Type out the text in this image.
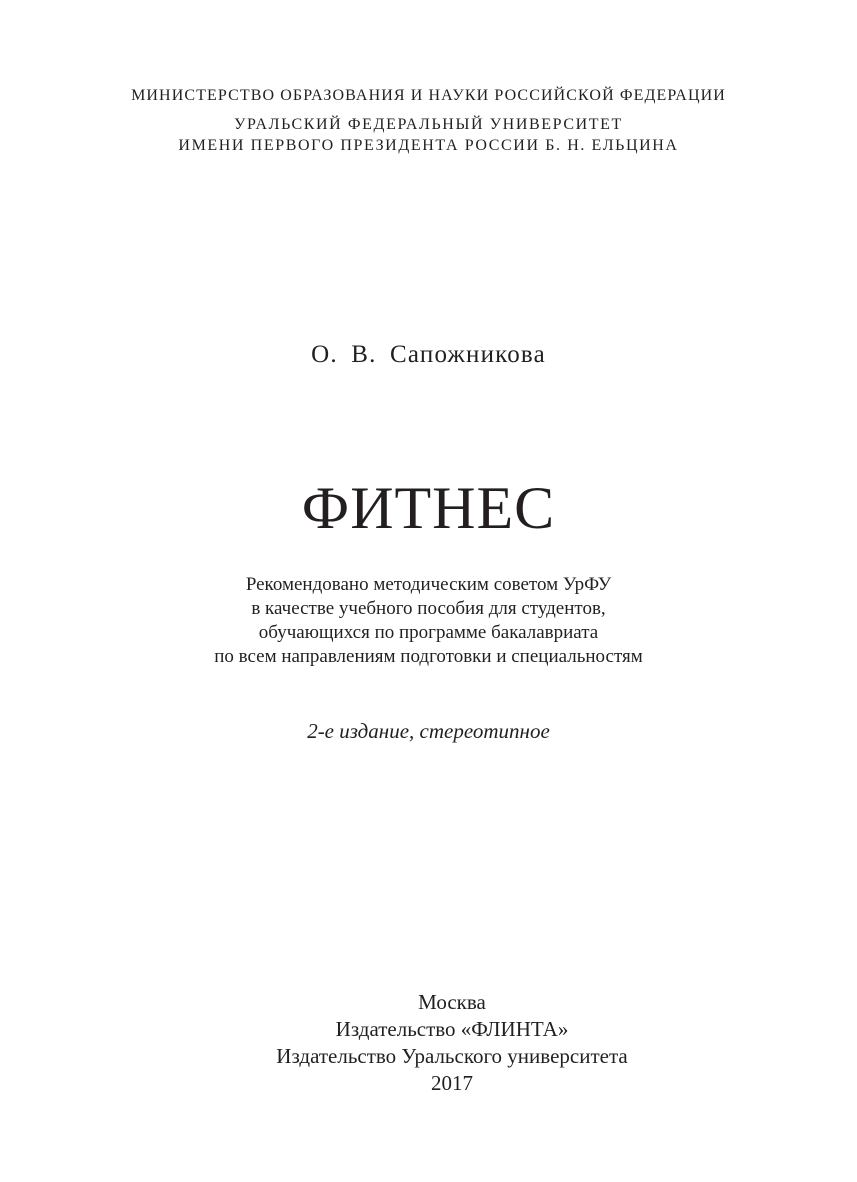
МИНИСТЕРСТВО ОБРАЗОВАНИЯ И НАУКИ РОССИЙСКОЙ ФЕДЕРАЦИИ
УРАЛЬСКИЙ ФЕДЕРАЛЬНЫЙ УНИВЕРСИТЕТ
ИМЕНИ ПЕРВОГО ПРЕЗИДЕНТА РОССИИ Б. Н. ЕЛЬЦИНА
О. В. Сапожникова
ФИТНЕС
Рекомендовано методическим советом УрФУ
в качестве учебного пособия для студентов,
обучающихся по программе бакалавриата
по всем направлениям подготовки и специальностям
2-е издание, стереотипное
Москва
Издательство «ФЛИНТА»
Издательство Уральского университета
2017
